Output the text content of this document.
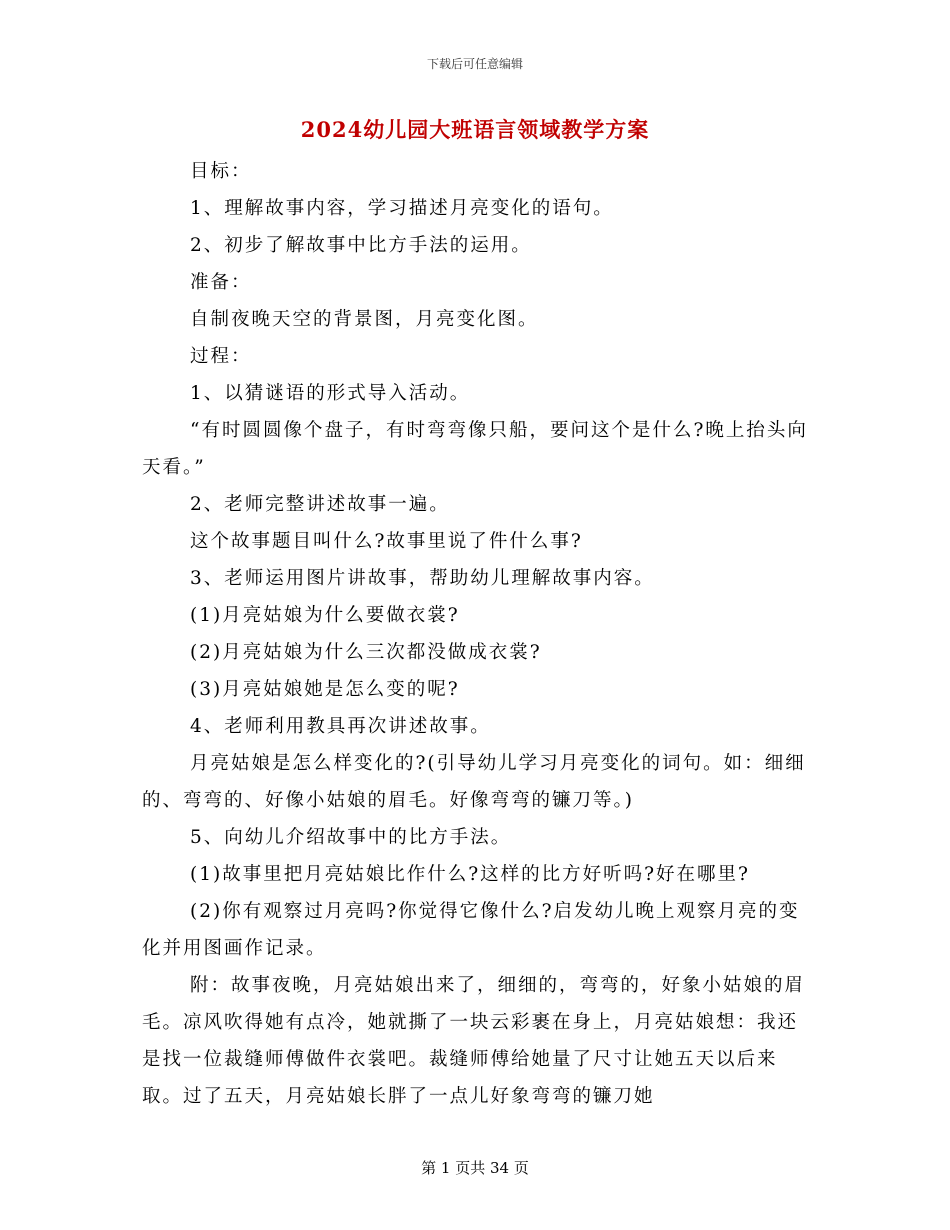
下载后可任意编辑
2024幼儿园大班语言领域教学方案

目标：

1、理解故事内容，学习描述月亮变化的语句。

2、初步了解故事中比方手法的运用。

准备：

自制夜晚天空的背景图，月亮变化图。

过程：

1、以猜谜语的形式导入活动。

“有时圆圆像个盘子，有时弯弯像只船，要问这个是什么?晚上抬头向天看。”

2、老师完整讲述故事一遍。

这个故事题目叫什么?故事里说了件什么事?

3、老师运用图片讲故事，帮助幼儿理解故事内容。

(1)月亮姑娘为什么要做衣裳?

(2)月亮姑娘为什么三次都没做成衣裳?

(3)月亮姑娘她是怎么变的呢?

4、老师利用教具再次讲述故事。

月亮姑娘是怎么样变化的?(引导幼儿学习月亮变化的词句。如：细细的、弯弯的、好像小姑娘的眉毛。好像弯弯的镰刀等。)

5、向幼儿介绍故事中的比方手法。

(1)故事里把月亮姑娘比作什么?这样的比方好听吗?好在哪里?

(2)你有观察过月亮吗?你觉得它像什么?启发幼儿晚上观察月亮的变化并用图画作记录。

附：故事夜晚，月亮姑娘出来了，细细的，弯弯的，好象小姑娘的眉毛。凉风吹得她有点冷，她就撕了一块云彩裹在身上，月亮姑娘想：我还是找一位裁缝师傅做件衣裳吧。裁缝师傅给她量了尺寸让她五天以后来取。过了五天，月亮姑娘长胖了一点儿好象弯弯的镰刀她

第 1 页共 34 页
